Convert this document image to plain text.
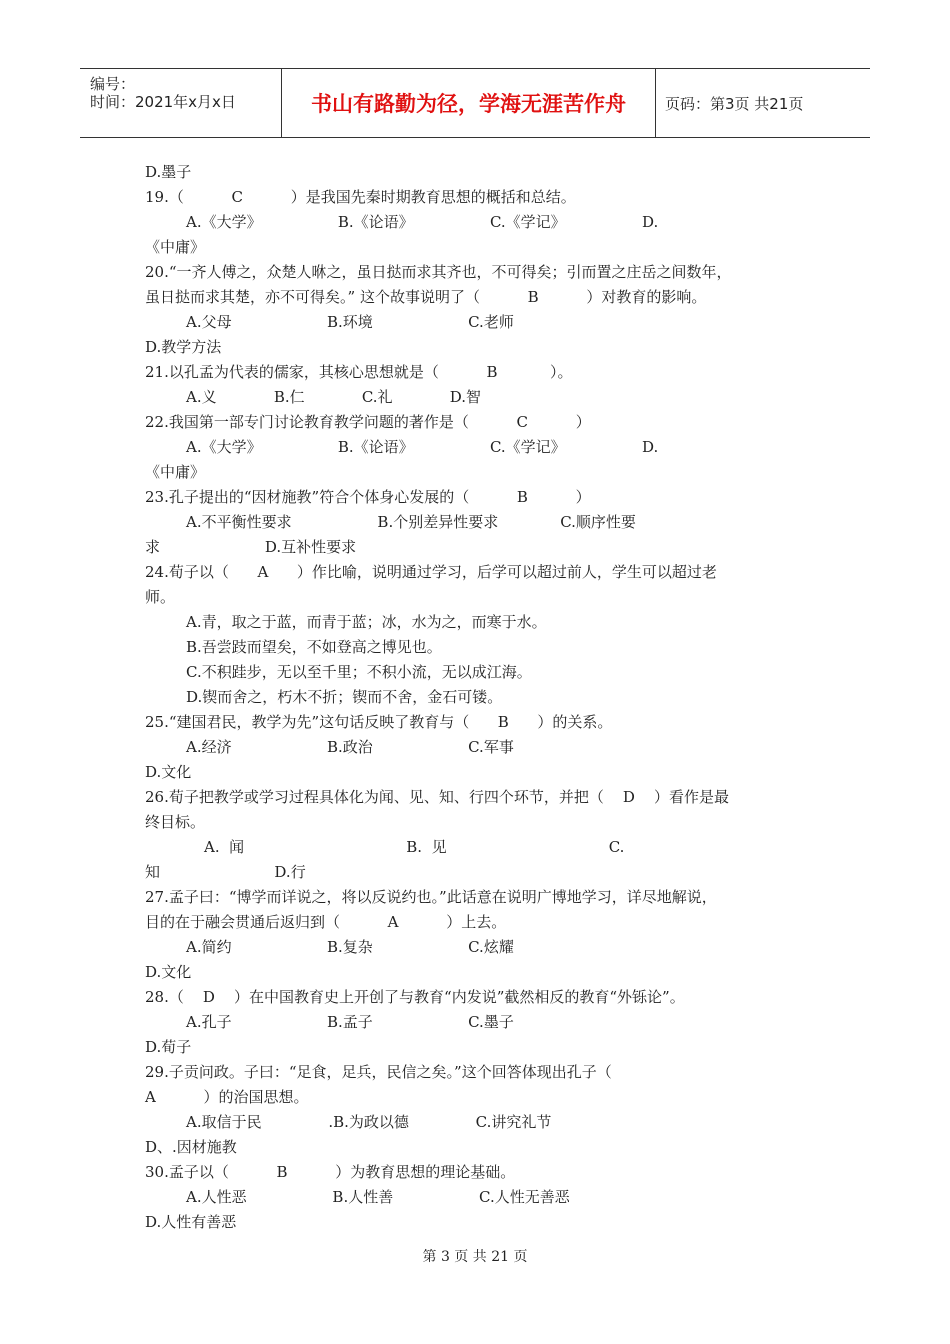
编号：
时间：2021年x月x日	书山有路勤为径，学海无涯苦作舟	页码：第3页 共21页
D.墨子
19.（          C          ）是我国先秦时期教育思想的概括和总结。
A.《大学》                B.《论语》                C.《学记》                D.
《中庸》
20.“一齐人傅之，众楚人咻之，虽日挞而求其齐也，不可得矣；引而置之庄岳之间数年，
虽日挞而求其楚，亦不可得矣。” 这个故事说明了（          B          ）对教育的影响。
A.父母                    B.环境                    C.老师
D.教学方法
21.以孔孟为代表的儒家，其核心思想就是（          B           ）。
A.义            B.仁            C.礼            D.智
22.我国第一部专门讨论教育教学问题的著作是（          C          ）
A.《大学》                B.《论语》                C.《学记》                D.
《中庸》
23.孔子提出的“因材施教”符合个体身心发展的（          B          ）
A.不平衡性要求                  B.个别差异性要求             C.顺序性要
求                      D.互补性要求
24.荀子以（      A      ）作比喻，说明通过学习，后学可以超过前人，学生可以超过老
师。
A.青，取之于蓝，而青于蓝；冰，水为之，而寒于水。
B.吾尝跂而望矣，不如登高之博见也。
C.不积跬步，无以至千里；不积小流，无以成江海。
D.锲而舍之，朽木不折；锲而不舍，金石可镂。
25.“建国君民，教学为先”这句话反映了教育与（      B      ）的关系。
A.经济                    B.政治                    C.军事
D.文化
26.荀子把教学或学习过程具体化为闻、见、知、行四个环节，并把（    D    ）看作是最
终目标。
A.  闻                                  B.  见                                  C.
知                        D.行
27.孟子曰：“博学而详说之，将以反说约也。”此话意在说明广博地学习，详尽地解说，
目的在于融会贯通后返归到（          A          ）上去。
A.简约                    B.复杂                    C.炫耀
D.文化
28.（    D    ）在中国教育史上开创了与教育“内发说”截然相反的教育“外铄论”。
A.孔子                    B.孟子                    C.墨子
D.荀子
29.子贡问政。子曰：“足食，足兵，民信之矣。”这个回答体现出孔子（
A          ）的治国思想。
A.取信于民              .B.为政以德              C.讲究礼节
D、.因材施教
30.孟子以（          B          ）为教育思想的理论基础。
A.人性恶                  B.人性善                  C.人性无善恶
D.人性有善恶
第 3 页 共 21 页
